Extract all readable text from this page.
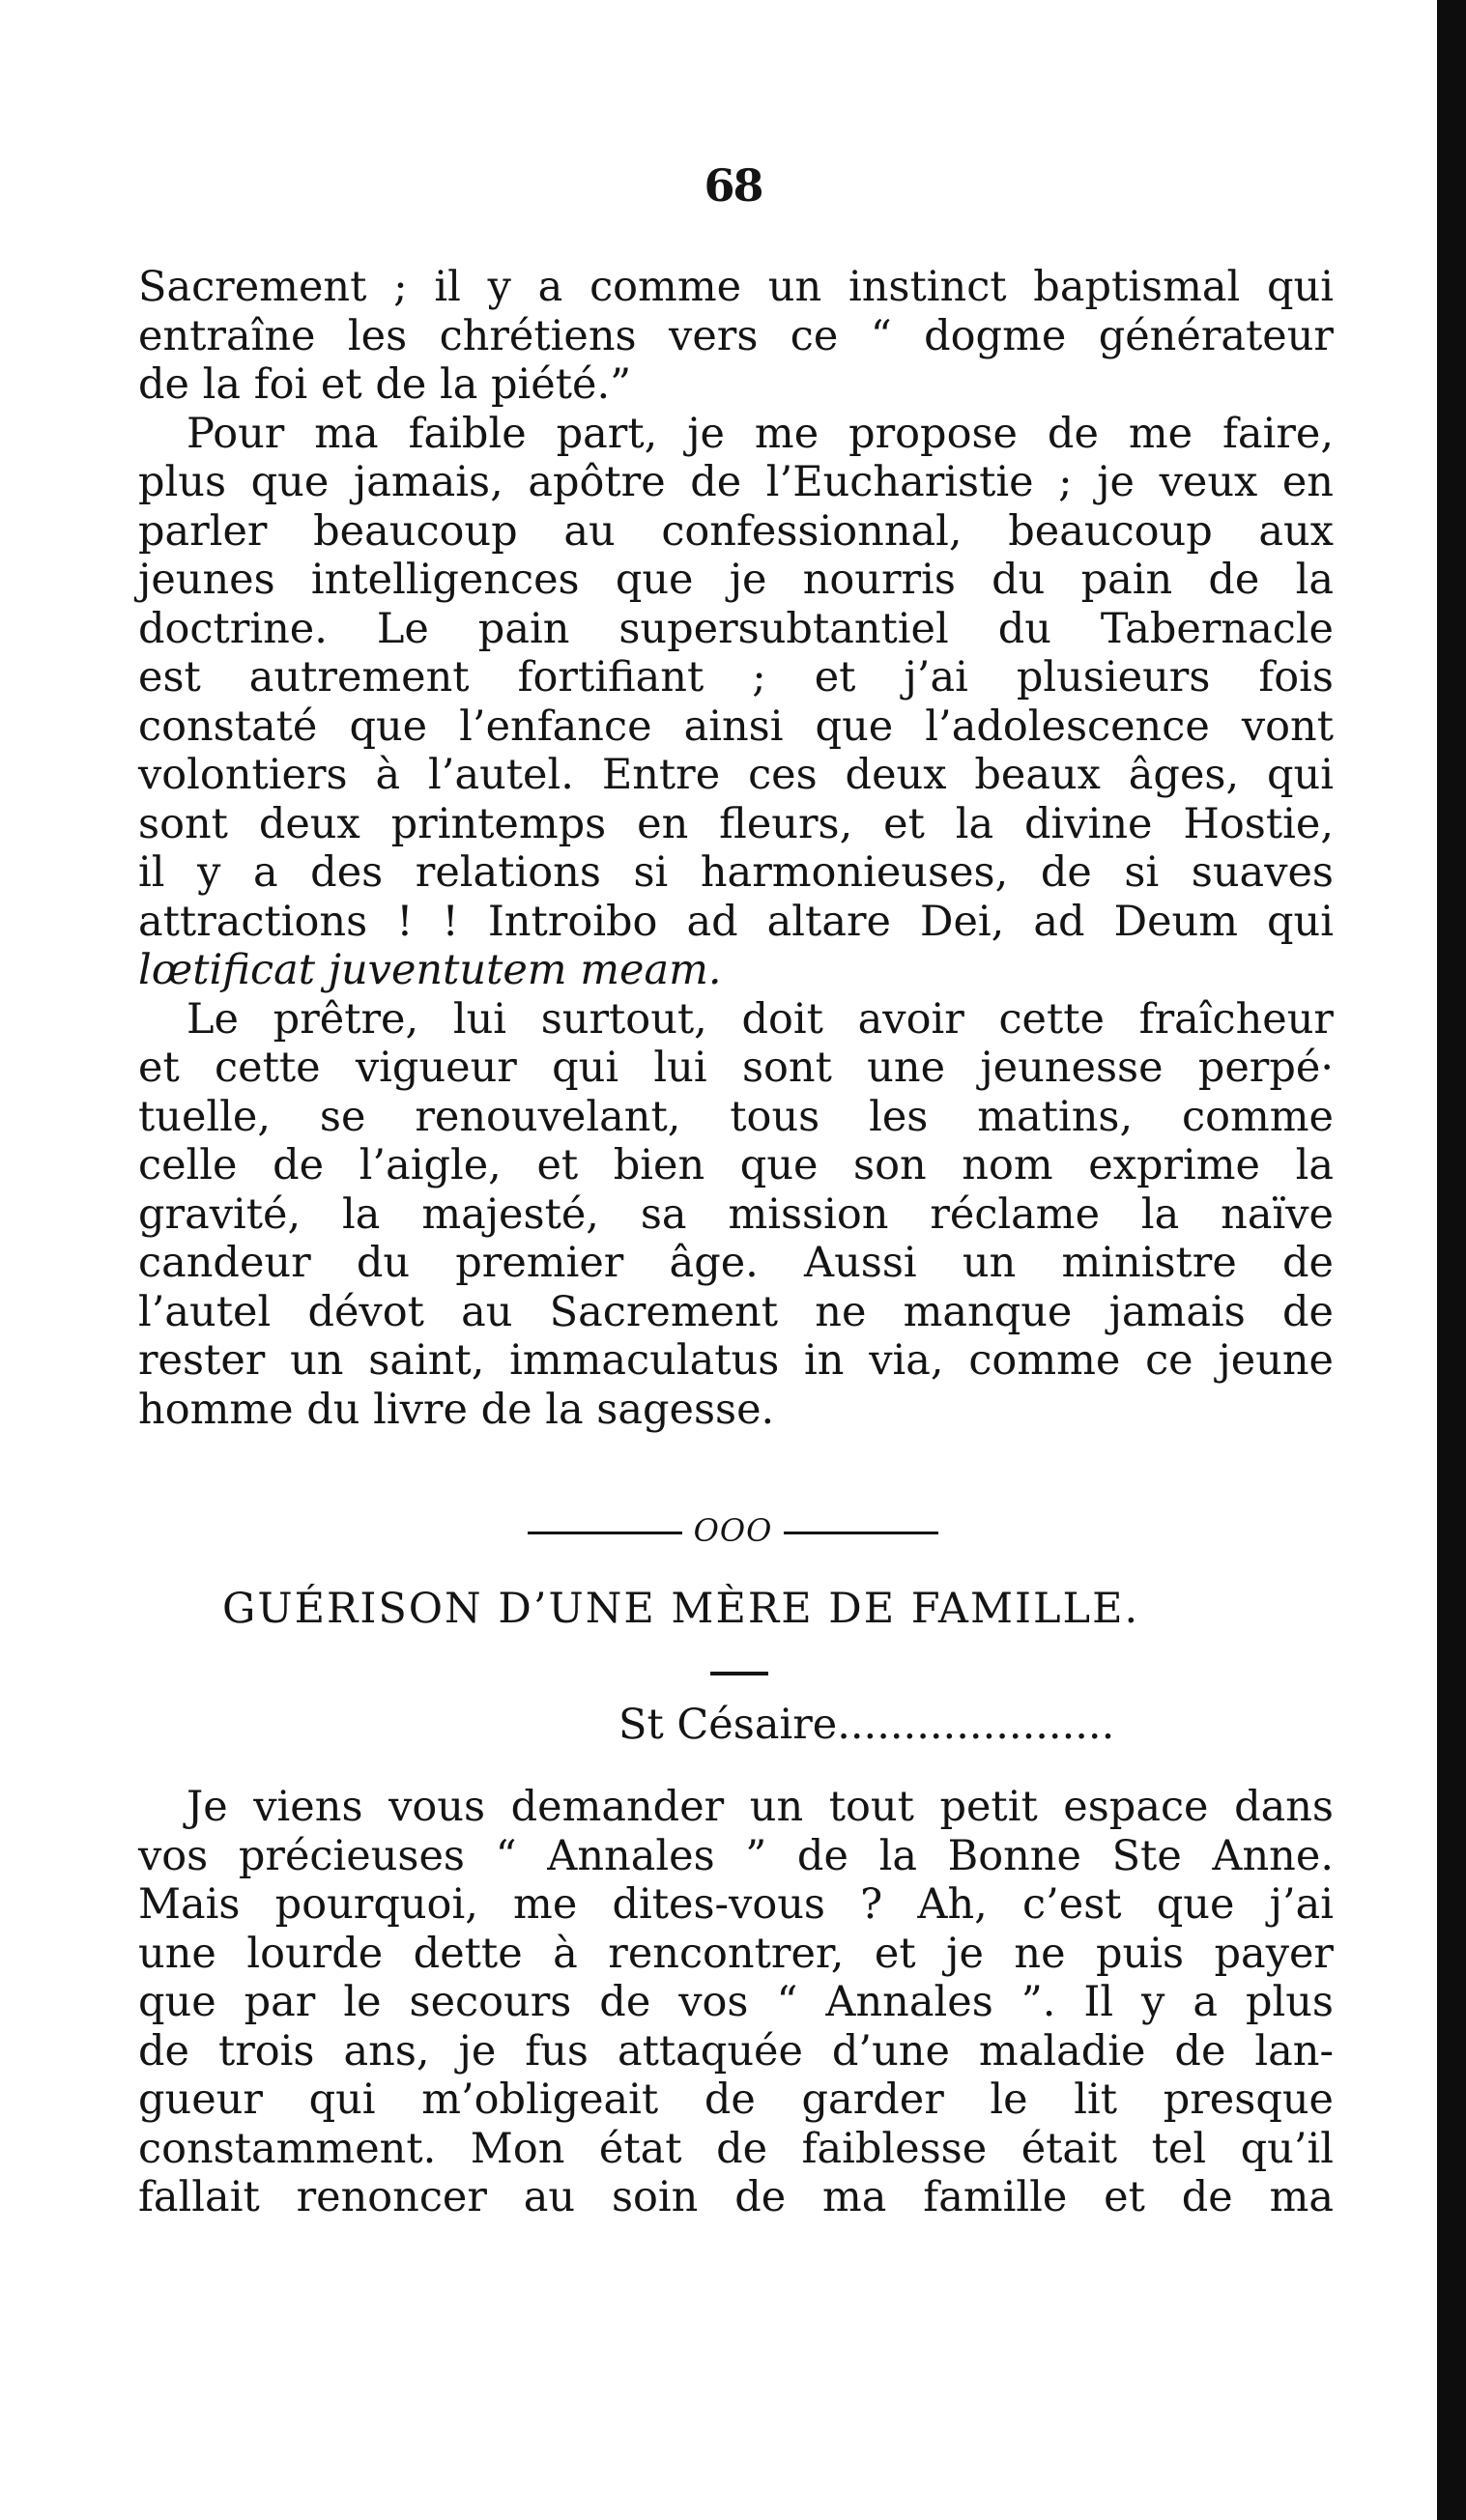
68
Sacrement ; il y a comme un instinct baptismal qui
entraîne les chrétiens vers ce “ dogme générateur
de la foi et de la piété.”
Pour ma faible part, je me propose de me faire,
plus que jamais, apôtre de l’Eucharistie ; je veux en
parler beaucoup au confessionnal, beaucoup aux
jeunes intelligences que je nourris du pain de la
doctrine. Le pain supersubtantiel du Tabernacle
est autrement fortifiant ; et j’ai plusieurs fois
constaté que l’enfance ainsi que l’adolescence vont
volontiers à l’autel. Entre ces deux beaux âges, qui
sont deux printemps en fleurs, et la divine Hostie,
il y a des relations si harmonieuses, de si suaves
attractions ! ! Introibo ad altare Dei, ad Deum qui
lœtificat juventutem meam.
Le prêtre, lui surtout, doit avoir cette fraîcheur
et cette vigueur qui lui sont une jeunesse perpé·
tuelle, se renouvelant, tous les matins, comme
celle de l’aigle, et bien que son nom exprime la
gravité, la majesté, sa mission réclame la naïve
candeur du premier âge. Aussi un ministre de
l’autel dévot au Sacrement ne manque jamais de
rester un saint, immaculatus in via, comme ce jeune
homme du livre de la sagesse.
OOO
GUÉRISON D’UNE MÈRE DE FAMILLE.
St Césaire.....................
Je viens vous demander un tout petit espace dans
vos précieuses “ Annales ” de la Bonne Ste Anne.
Mais pourquoi, me dites-vous ? Ah, c’est que j’ai
une lourde dette à rencontrer, et je ne puis payer
que par le secours de vos “ Annales ”. Il y a plus
de trois ans, je fus attaquée d’une maladie de lan-
gueur qui m’obligeait de garder le lit presque
constamment. Mon état de faiblesse était tel qu’il
fallait renoncer au soin de ma famille et de ma
